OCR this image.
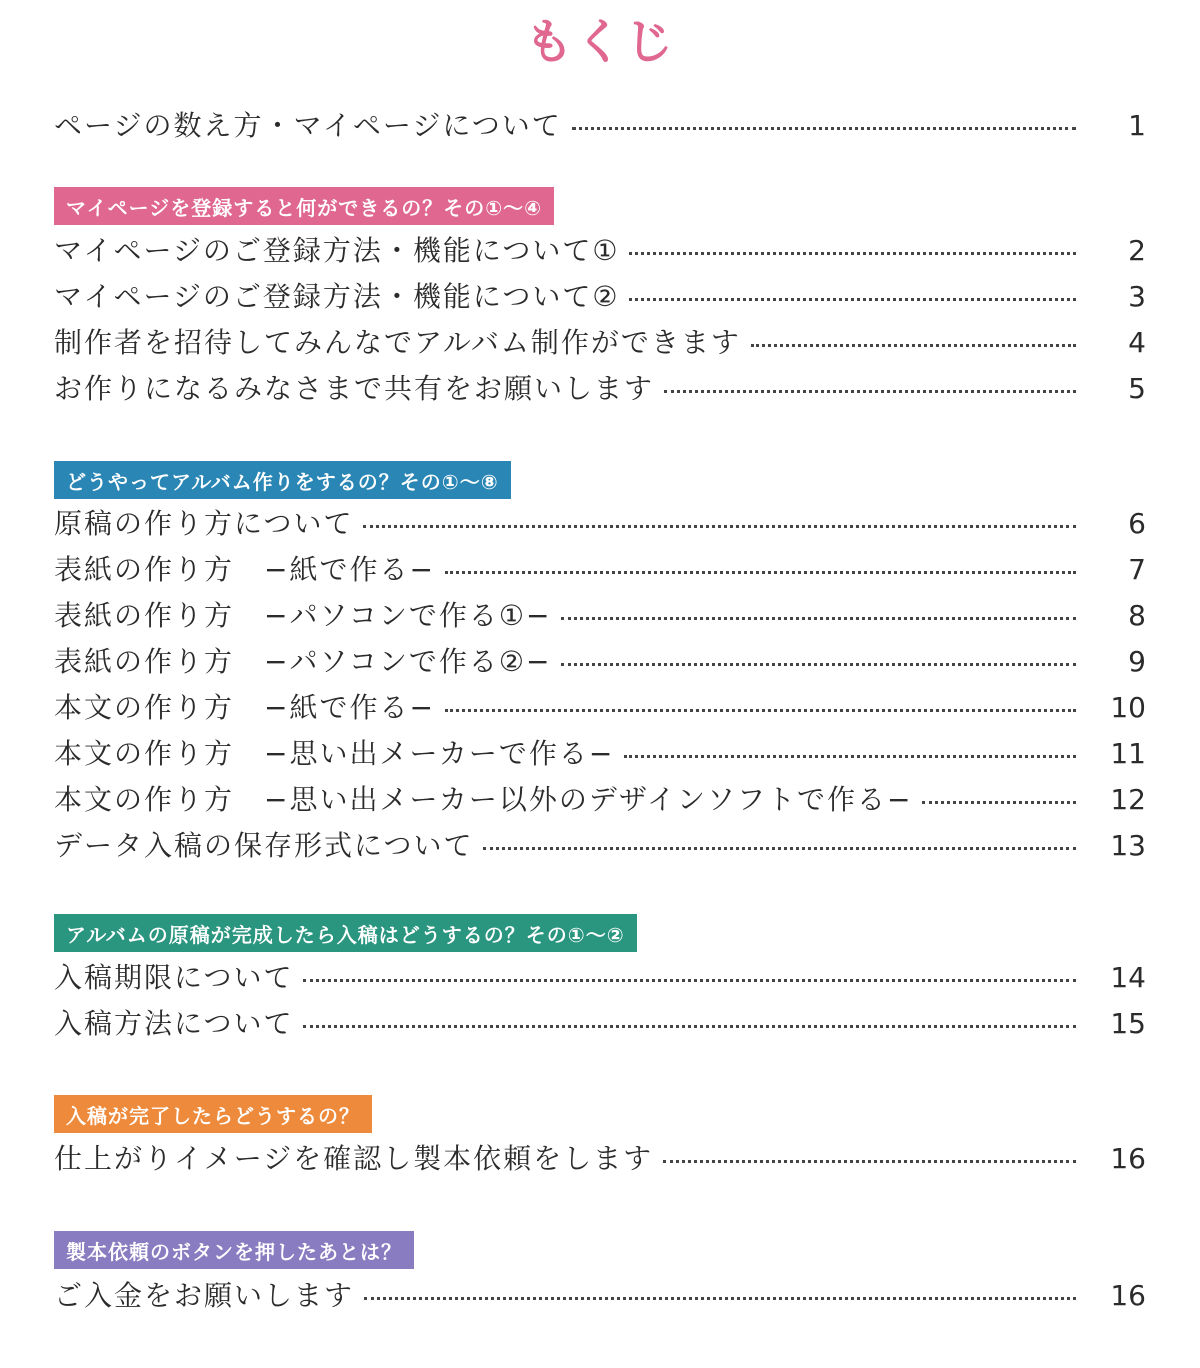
もくじ
ページの数え方・マイページについて	1
マイページを登録すると何ができるの？その①〜④
マイページのご登録方法・機能について①	2
マイページのご登録方法・機能について②	3
制作者を招待してみんなでアルバム制作ができます	4
お作りになるみなさまで共有をお願いします	5
どうやってアルバム作りをするの？その①〜⑧
原稿の作り方について	6
表紙の作り方　−紙で作る−	7
表紙の作り方　−パソコンで作る①−	8
表紙の作り方　−パソコンで作る②−	9
本文の作り方　−紙で作る−	10
本文の作り方　−思い出メーカーで作る−	11
本文の作り方　−思い出メーカー以外のデザインソフトで作る−	12
データ入稿の保存形式について	13
アルバムの原稿が完成したら入稿はどうするの？その①〜②
入稿期限について	14
入稿方法について	15
入稿が完了したらどうするの？
仕上がりイメージを確認し製本依頼をします	16
製本依頼のボタンを押したあとは？
ご入金をお願いします	16
